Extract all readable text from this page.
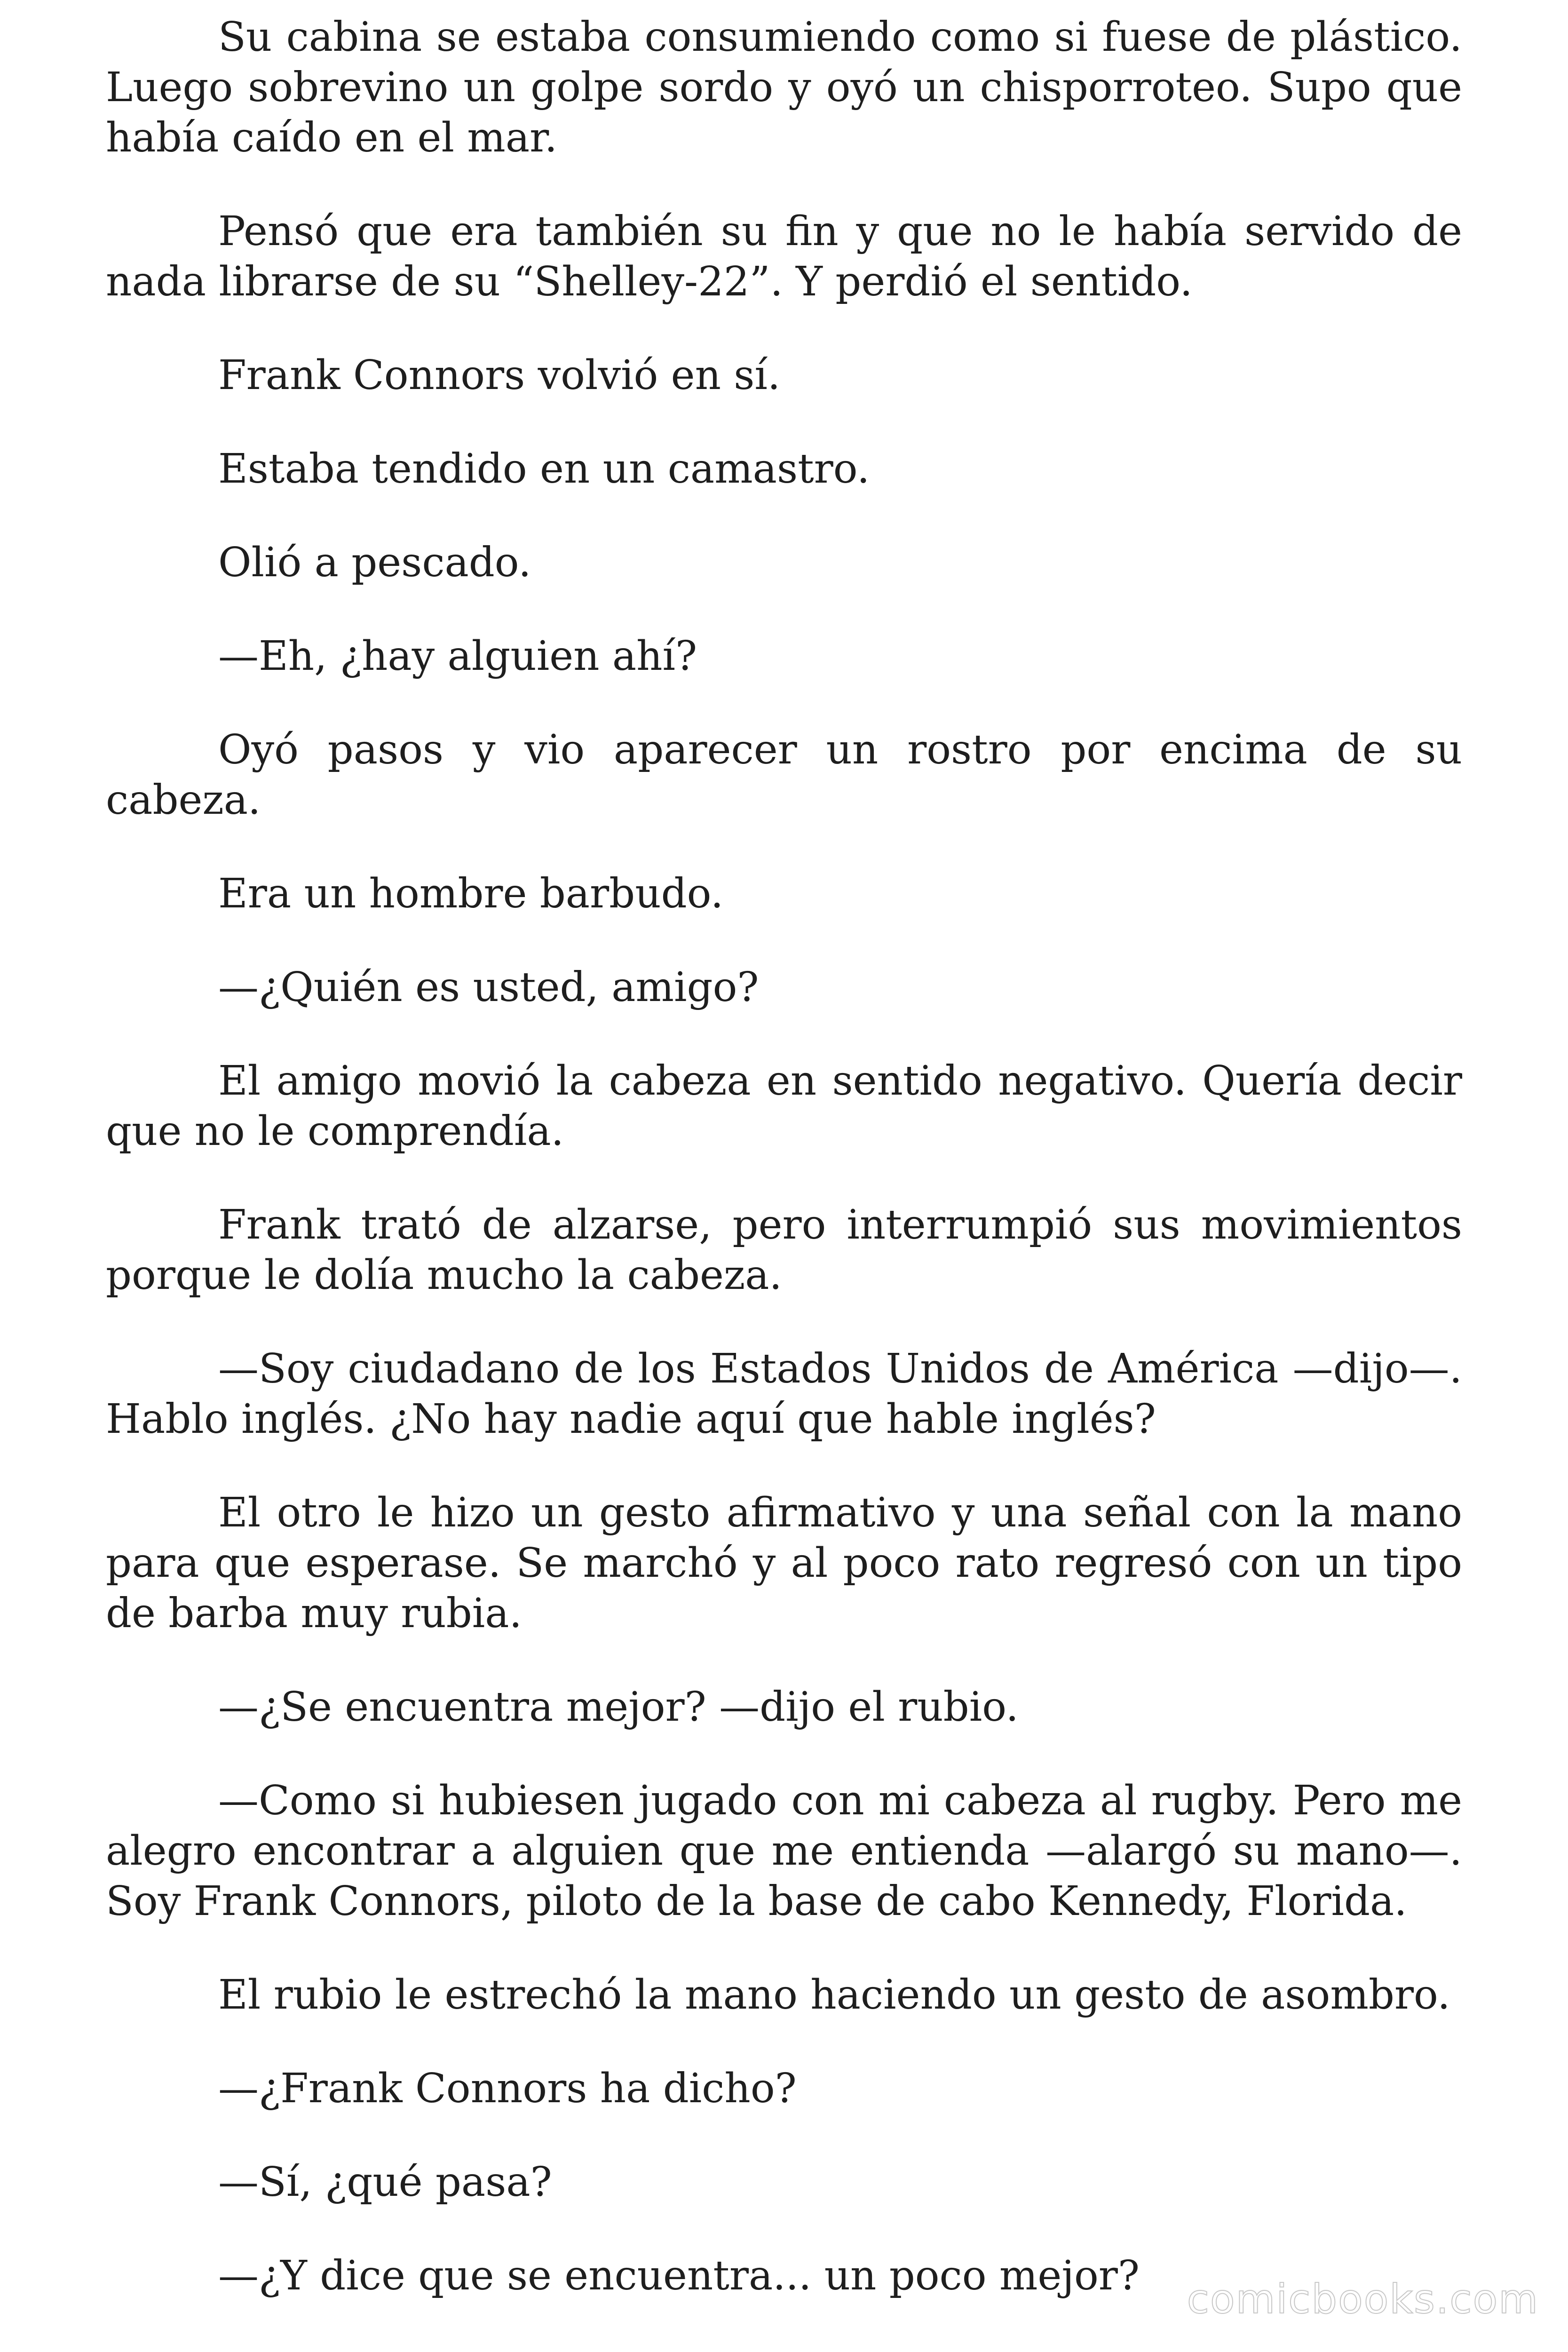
Su cabina se estaba consumiendo como si fuese de plástico. Luego sobrevino un golpe sordo y oyó un chisporroteo. Supo que había caído en el mar.

Pensó que era también su fin y que no le había servido de nada librarse de su “Shelley-22”. Y perdió el sentido.

Frank Connors volvió en sí.

Estaba tendido en un camastro.

Olió a pescado.

—Eh, ¿hay alguien ahí?

Oyó pasos y vio aparecer un rostro por encima de su cabeza.

Era un hombre barbudo.

—¿Quién es usted, amigo?

El amigo movió la cabeza en sentido negativo. Quería decir que no le comprendía.

Frank trató de alzarse, pero interrumpió sus movimientos porque le dolía mucho la cabeza.

—Soy ciudadano de los Estados Unidos de América —dijo—. Hablo inglés. ¿No hay nadie aquí que hable inglés?

El otro le hizo un gesto afirmativo y una señal con la mano para que esperase. Se marchó y al poco rato regresó con un tipo de barba muy rubia.

—¿Se encuentra mejor? —dijo el rubio.

—Como si hubiesen jugado con mi cabeza al rugby. Pero me alegro encontrar a alguien que me entienda —alargó su mano—. Soy Frank Connors, piloto de la base de cabo Kennedy, Florida.

El rubio le estrechó la mano haciendo un gesto de asombro.

—¿Frank Connors ha dicho?

—Sí, ¿qué pasa?

—¿Y dice que se encuentra... un poco mejor?	comicbooks.com
